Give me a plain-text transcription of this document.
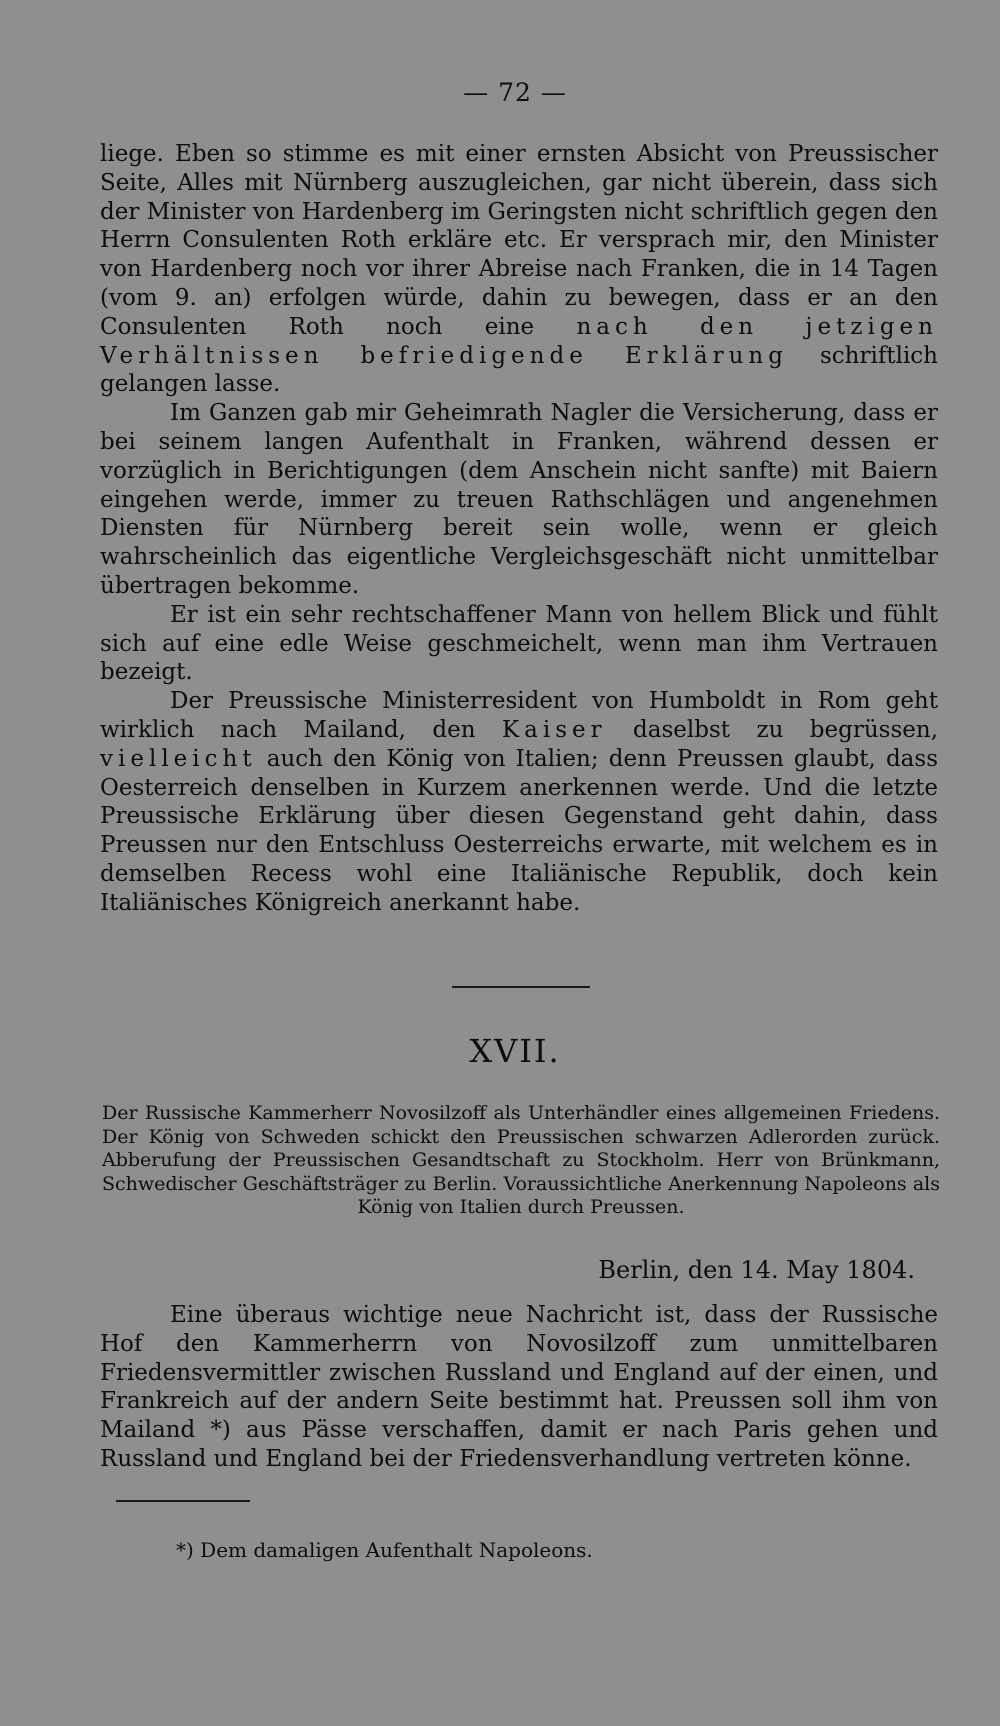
— 72 —

liege. Eben so stimme es mit einer ernsten Absicht von Preussischer Seite, Alles mit Nürnberg auszugleichen, gar nicht überein, dass sich der Minister von Hardenberg im Geringsten nicht schriftlich gegen den Herrn Consulenten Roth erkläre etc. Er versprach mir, den Minister von Hardenberg noch vor ihrer Abreise nach Franken, die in 14 Tagen (vom 9. an) erfolgen würde, dahin zu bewegen, dass er an den Consulenten Roth noch eine nach den jetzigen Verhältnissen befriedigende Erklärung schriftlich gelangen lasse.

Im Ganzen gab mir Geheimrath Nagler die Versicherung, dass er bei seinem langen Aufenthalt in Franken, während dessen er vorzüglich in Berichtigungen (dem Anschein nicht sanfte) mit Baiern eingehen werde, immer zu treuen Rathschlägen und angenehmen Diensten für Nürnberg bereit sein wolle, wenn er gleich wahrscheinlich das eigentliche Vergleichsgeschäft nicht unmittelbar übertragen bekomme.

Er ist ein sehr rechtschaffener Mann von hellem Blick und fühlt sich auf eine edle Weise geschmeichelt, wenn man ihm Vertrauen bezeigt.

Der Preussische Ministerresident von Humboldt in Rom geht wirklich nach Mailand, den Kaiser daselbst zu begrüssen, vielleicht auch den König von Italien; denn Preussen glaubt, dass Oesterreich denselben in Kurzem anerkennen werde. Und die letzte Preussische Erklärung über diesen Gegenstand geht dahin, dass Preussen nur den Entschluss Oesterreichs erwarte, mit welchem es in demselben Recess wohl eine Italiänische Republik, doch kein Italiänisches Königreich anerkannt habe.

XVII.
Der Russische Kammerherr Novosilzoff als Unterhändler eines allgemeinen Friedens. Der König von Schweden schickt den Preussischen schwarzen Adlerorden zurück. Abberufung der Preussischen Gesandtschaft zu Stockholm. Herr von Brünkmann, Schwedischer Geschäftsträger zu Berlin. Voraussichtliche Anerkennung Napoleons als König von Italien durch Preussen.
Berlin, den 14. May 1804.

Eine überaus wichtige neue Nachricht ist, dass der Russische Hof den Kammerherrn von Novosilzoff zum unmittelbaren Friedensvermittler zwischen Russland und England auf der einen, und Frankreich auf der andern Seite bestimmt hat. Preussen soll ihm von Mailand *) aus Pässe verschaffen, damit er nach Paris gehen und Russland und England bei der Friedensverhandlung vertreten könne.

*) Dem damaligen Aufenthalt Napoleons.
